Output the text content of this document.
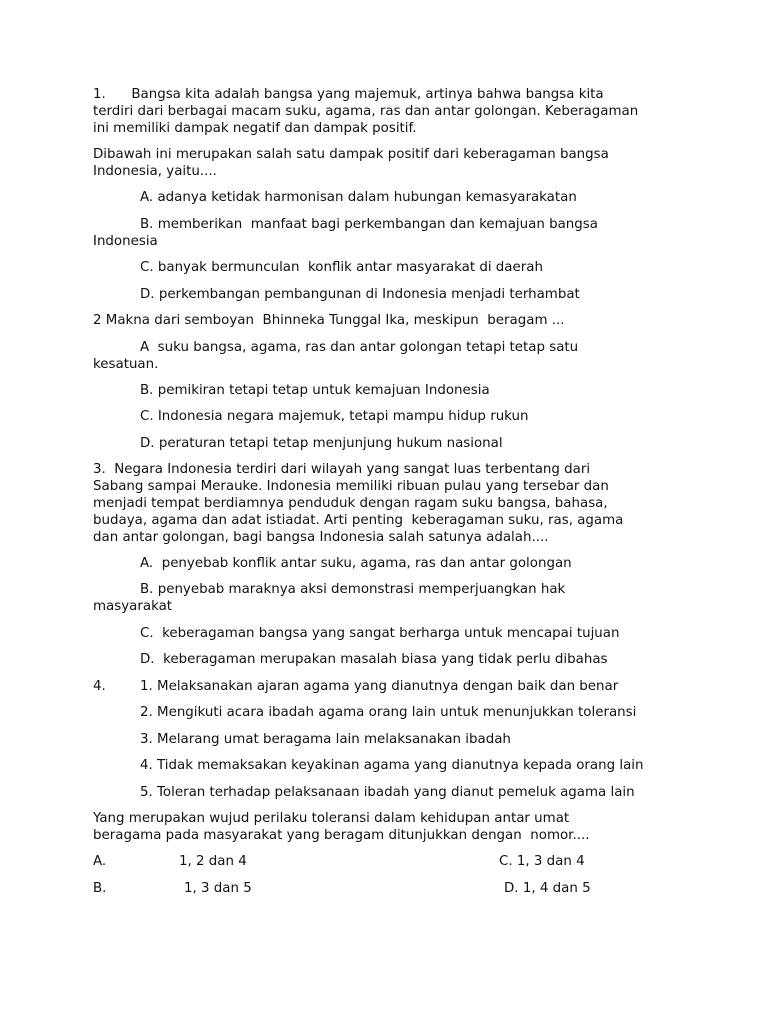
1.      Bangsa kita adalah bangsa yang majemuk, artinya bahwa bangsa kita

terdiri dari berbagai macam suku, agama, ras dan antar golongan. Keberagaman

ini memiliki dampak negatif dan dampak positif.

Dibawah ini merupakan salah satu dampak positif dari keberagaman bangsa

Indonesia, yaitu....

A. adanya ketidak harmonisan dalam hubungan kemasyarakatan

B. memberikan  manfaat bagi perkembangan dan kemajuan bangsa

Indonesia

C. banyak bermunculan  konflik antar masyarakat di daerah

D. perkembangan pembangunan di Indonesia menjadi terhambat

2 Makna dari semboyan  Bhinneka Tunggal Ika, meskipun  beragam ...

A  suku bangsa, agama, ras dan antar golongan tetapi tetap satu

kesatuan.

B. pemikiran tetapi tetap untuk kemajuan Indonesia

C. Indonesia negara majemuk, tetapi mampu hidup rukun

D. peraturan tetapi tetap menjunjung hukum nasional

3.  Negara Indonesia terdiri dari wilayah yang sangat luas terbentang dari

Sabang sampai Merauke. Indonesia memiliki ribuan pulau yang tersebar dan

menjadi tempat berdiamnya penduduk dengan ragam suku bangsa, bahasa,

budaya, agama dan adat istiadat. Arti penting  keberagaman suku, ras, agama

dan antar golongan, bagi bangsa Indonesia salah satunya adalah....

A.  penyebab konflik antar suku, agama, ras dan antar golongan

B. penyebab maraknya aksi demonstrasi memperjuangkan hak

masyarakat

C.  keberagaman bangsa yang sangat berharga untuk mencapai tujuan

D.  keberagaman merupakan masalah biasa yang tidak perlu dibahas

4.	1. Melaksanakan ajaran agama yang dianutnya dengan baik dan benar

2. Mengikuti acara ibadah agama orang lain untuk menunjukkan toleransi

3. Melarang umat beragama lain melaksanakan ibadah

4. Tidak memaksakan keyakinan agama yang dianutnya kepada orang lain

5. Toleran terhadap pelaksanaan ibadah yang dianut pemeluk agama lain

Yang merupakan wujud perilaku toleransi dalam kehidupan antar umat

beragama pada masyarakat yang beragam ditunjukkan dengan  nomor....

A.	1, 2 dan 4	C. 1, 3 dan 4
B.	1, 3 dan 5	D. 1, 4 dan 5
